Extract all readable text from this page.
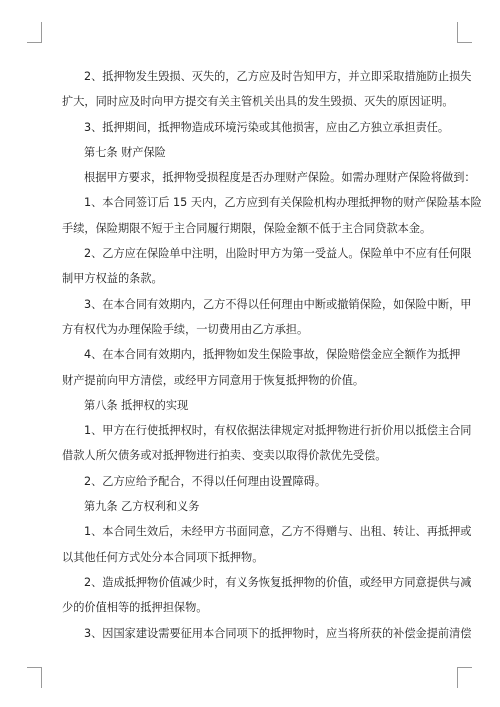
2、抵押物发生毁损、灭失的，乙方应及时告知甲方，并立即采取措施防止损失
扩大，同时应及时向甲方提交有关主管机关出具的发生毁损、灭失的原因证明。
3、抵押期间，抵押物造成环境污染或其他损害，应由乙方独立承担责任。
第七条 财产保险
根据甲方要求，抵押物受损程度是否办理财产保险。如需办理财产保险将做到：
1、本合同签订后 15 天内，乙方应到有关保险机构办理抵押物的财产保险基本险
手续，保险期限不短于主合同履行期限，保险金额不低于主合同贷款本金。
2、乙方应在保险单中注明，出险时甲方为第一受益人。保险单中不应有任何限
制甲方权益的条款。
3、在本合同有效期内，乙方不得以任何理由中断或撤销保险，如保险中断，甲
方有权代为办理保险手续，一切费用由乙方承担。
4、在本合同有效期内，抵押物如发生保险事故，保险赔偿金应全额作为抵押
财产提前向甲方清偿，或经甲方同意用于恢复抵押物的价值。
第八条 抵押权的实现
1、甲方在行使抵押权时，有权依据法律规定对抵押物进行折价用以抵偿主合同
借款人所欠债务或对抵押物进行拍卖、变卖以取得价款优先受偿。
2、乙方应给予配合，不得以任何理由设置障碍。
第九条 乙方权利和义务
1、本合同生效后，未经甲方书面同意，乙方不得赠与、出租、转让、再抵押或
以其他任何方式处分本合同项下抵押物。
2、造成抵押物价值减少时，有义务恢复抵押物的价值，或经甲方同意提供与减
少的价值相等的抵押担保物。
3、因国家建设需要征用本合同项下的抵押物时，应当将所获的补偿金提前清偿
